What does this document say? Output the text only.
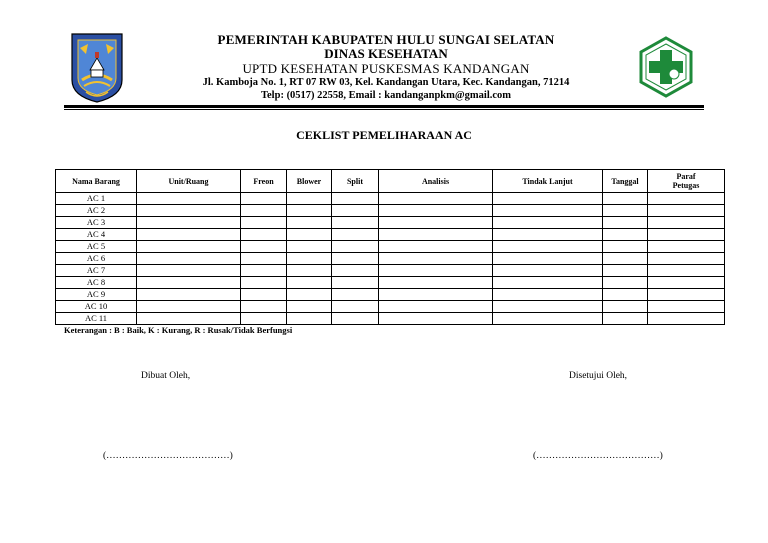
PEMERINTAH KABUPATEN HULU SUNGAI SELATAN
DINAS KESEHATAN
UPTD KESEHATAN PUSKESMAS KANDANGAN
Jl. Kamboja No. 1, RT 07 RW 03, Kel. Kandangan Utara, Kec. Kandangan, 71214
Telp: (0517) 22558, Email : kandanganpkm@gmail.com
CEKLIST PEMELIHARAAN AC
Nama Barang	Unit/Ruang	Freon	Blower	Split	Analisis	Tindak Lanjut	Tanggal	Paraf Petugas
AC 1								
AC 2								
AC 3								
AC 4								
AC 5								
AC 6								
AC 7								
AC 8								
AC 9								
AC 10								
AC 11								
Keterangan : B : Baik, K : Kurang, R : Rusak/Tidak Berfungsi
Dibuat Oleh,	Disetujui Oleh,
(…………………………………)	(…………………………………)
